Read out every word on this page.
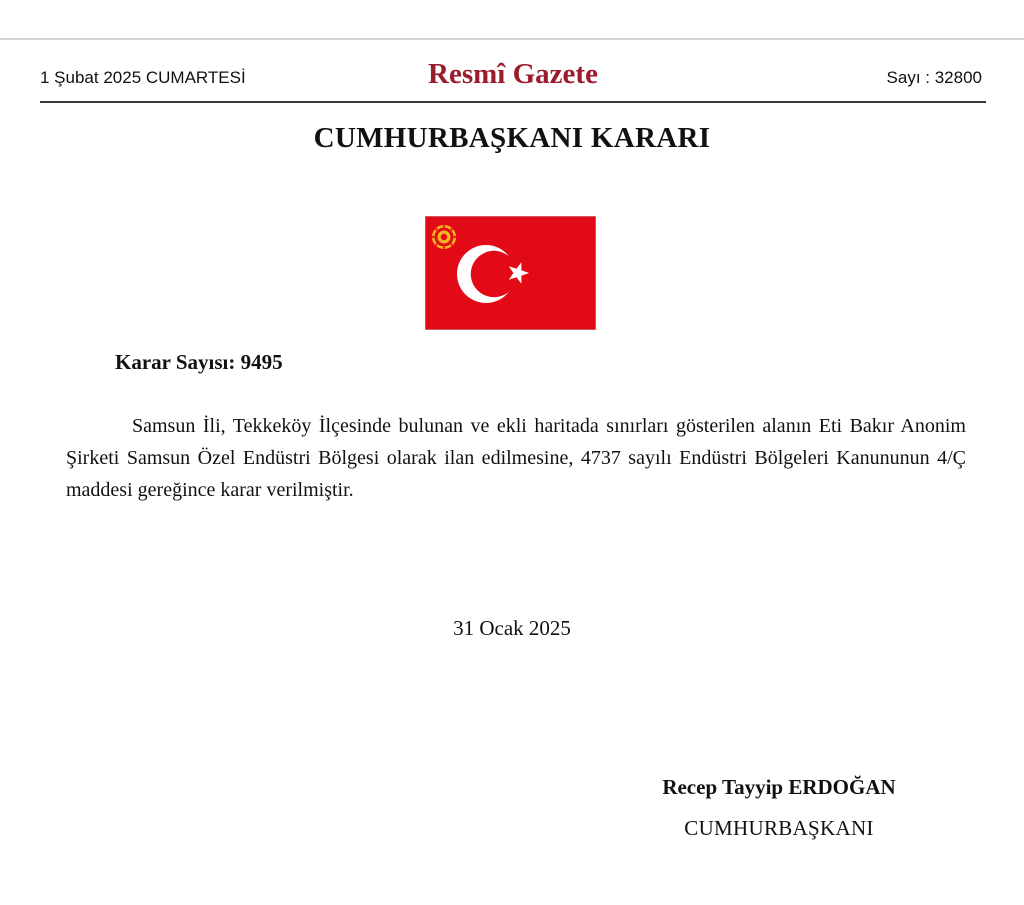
1 Şubat 2025 CUMARTESİ	Resmî Gazete	Sayı : 32800
CUMHURBAŞKANI KARARI
Karar Sayısı: 9495

Samsun İli, Tekkeköy İlçesinde bulunan ve ekli haritada sınırları gösterilen alanın Eti Bakır Anonim Şirketi Samsun Özel Endüstri Bölgesi olarak ilan edilmesine, 4737 sayılı Endüstri Bölgeleri Kanununun 4/Ç maddesi gereğince karar verilmiştir.

31 Ocak 2025
Recep Tayyip ERDOĞAN
CUMHURBAŞKANI
